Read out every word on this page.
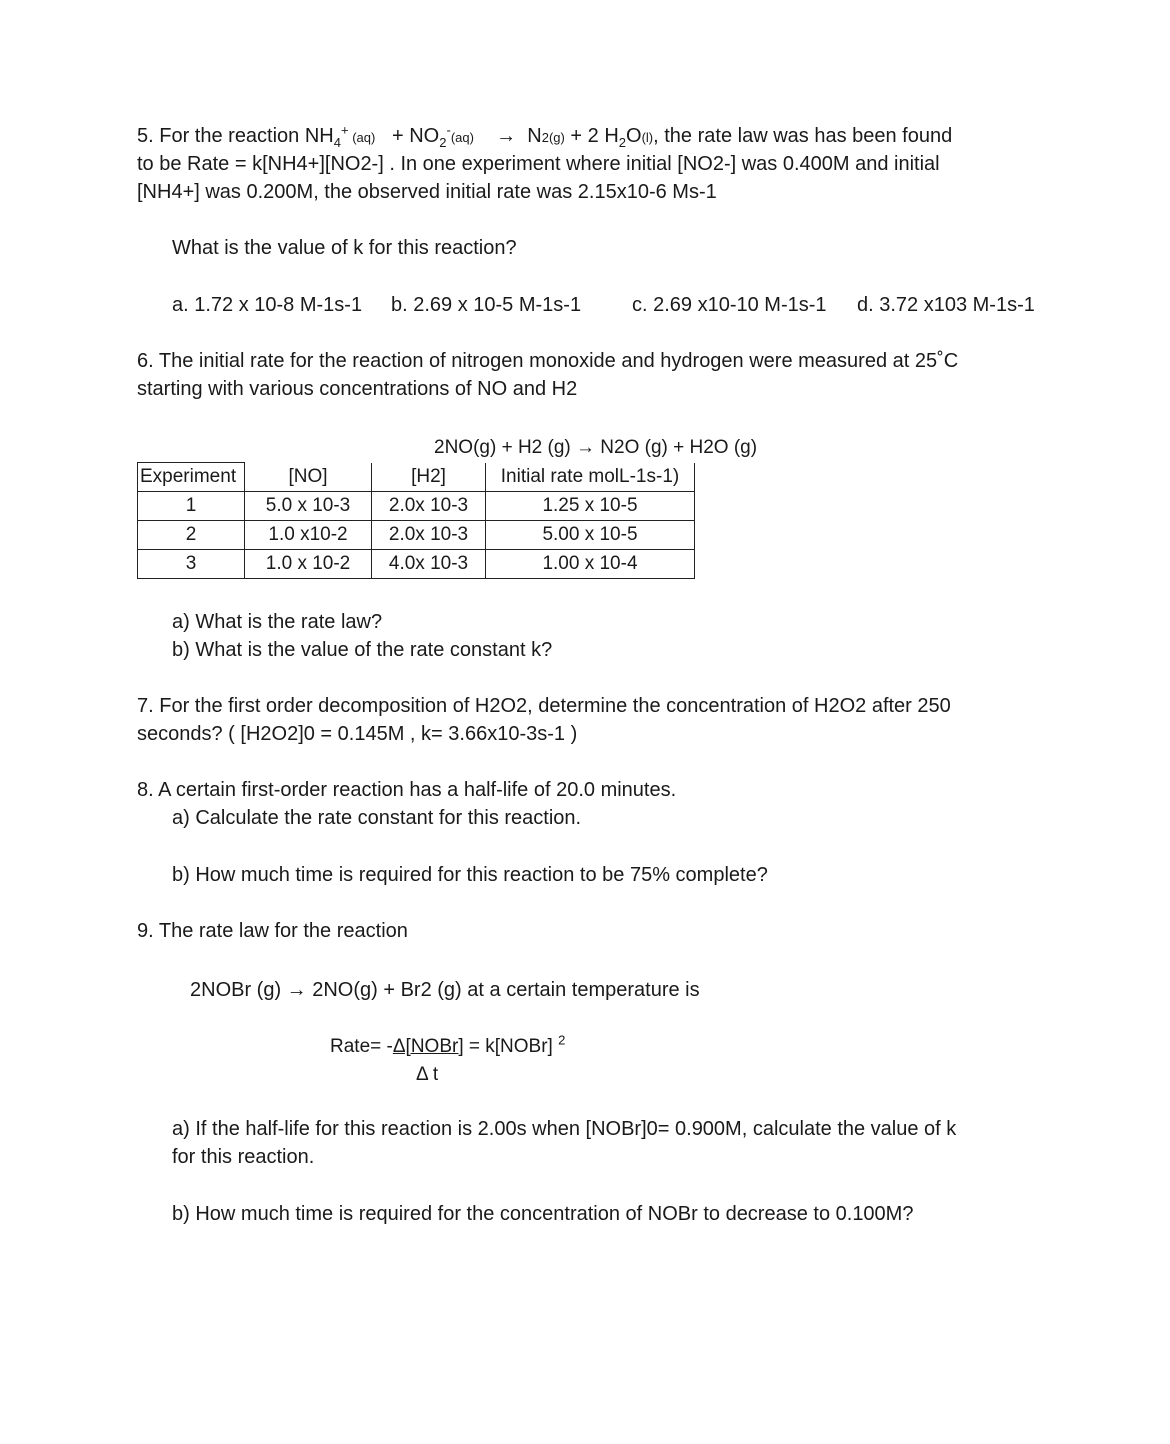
5. For the reaction $NH_4^+$ $(aq) + NO_2^-(aq) \to N2(g) + 2$ $H_2O(l)$, the rate law was has been found
to be Rate = k[NH4+][NO2-] . In one experiment where initial [NO2-] was 0.400M and initial
[NH4+] was 0.200M, the observed initial rate was 2.15x10-6 Ms-1
What is the value of k for this reaction?
a. 1.72 x 10-8 M-1s-1 b. 2.69 x 10-5 M-1s-1	c. 2.69 x10-10 M-1s-1 d. 3.72 x103 M-1s-1
6. The initial rate for the reaction of nitrogen monoxide and hydrogen were measured at 25˚C
starting with various concentrations of NO and H2
2NO(g) + H2 (g) → N2O (g) + H2O (g)
Experiment	[NO]	[H2]	Initial rate molL-1s-1)
1	5.0 x 10-3	2.0x 10-3	1.25 x 10-5
2	1.0 x10-2	2.0x 10-3	5.00 x 10-5
3	1.0 x 10-2	4.0x 10-3	1.00 x 10-4
a) What is the rate law?
b) What is the value of the rate constant k?
7. For the first order decomposition of H2O2, determine the concentration of H2O2 after 250
seconds? ( [H2O2]0 = 0.145M , k= 3.66x10-3s-1 )
8. A certain first-order reaction has a half-life of 20.0 minutes.
a) Calculate the rate constant for this reaction.
b) How much time is required for this reaction to be 75% complete?
9. The rate law for the reaction
2NOBr (g) → 2NO(g) + Br2 (g) at a certain temperature is
Rate= -Δ[NOBr] = k[NOBr] $^2$
Δ t
a) If the half-life for this reaction is 2.00s when [NOBr]0= 0.900M, calculate the value of k
for this reaction.
b) How much time is required for the concentration of NOBr to decrease to 0.100M?
